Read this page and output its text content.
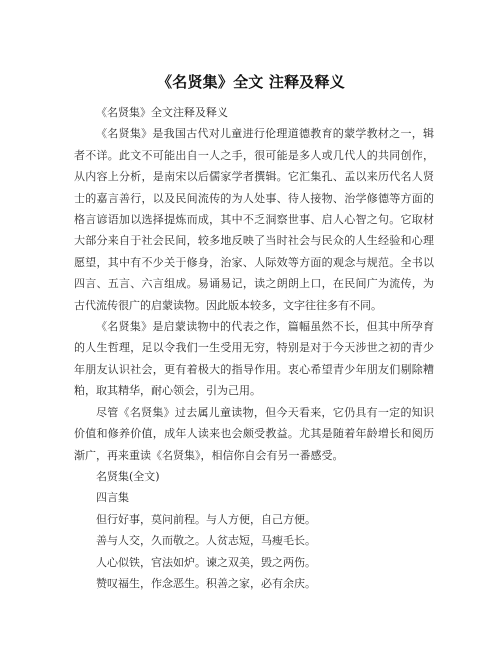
《名贤集》全文 注释及释义

《名贤集》全文注释及释义

《名贤集》是我国古代对儿童进行伦理道德教育的蒙学教材之一，辑者不详。此文不可能出自一人之手，很可能是多人或几代人的共同创作，从内容上分析，是南宋以后儒家学者撰辑。它汇集孔、孟以来历代名人贤士的嘉言善行，以及民间流传的为人处事、待人接物、治学修德等方面的格言谚语加以选择提炼而成，其中不乏洞察世事、启人心智之句。它取材大部分来自于社会民间，较多地反映了当时社会与民众的人生经验和心理愿望，其中有不少关于修身，治家、人际效等方面的观念与规范。全书以四言、五言、六言组成。易诵易记，读之朗朗上口，在民间广为流传，为古代流传很广的启蒙读物。因此版本较多，文字往往多有不同。

《名贤集》是启蒙读物中的代表之作，篇幅虽然不长，但其中所孕育的人生哲理，足以令我们一生受用无穷，特别是对于今天涉世之初的青少年朋友认识社会，更有着极大的指导作用。衷心希望青少年朋友们剔除糟粕，取其精华，耐心领会，引为己用。

尽管《名贤集》过去属儿童读物，但今天看来，它仍具有一定的知识价值和修养价值，成年人读来也会颇受教益。尤其是随着年龄增长和阅历渐广，再来重读《名贤集》，相信你自会有另一番感受。

名贤集(全文)

四言集

但行好事，莫问前程。与人方便，自己方便。

善与人交，久而敬之。人贫志短，马瘦毛长。

人心似铁，官法如炉。谏之双美，毁之两伤。

赞叹福生，作念恶生。积善之家，必有余庆。
